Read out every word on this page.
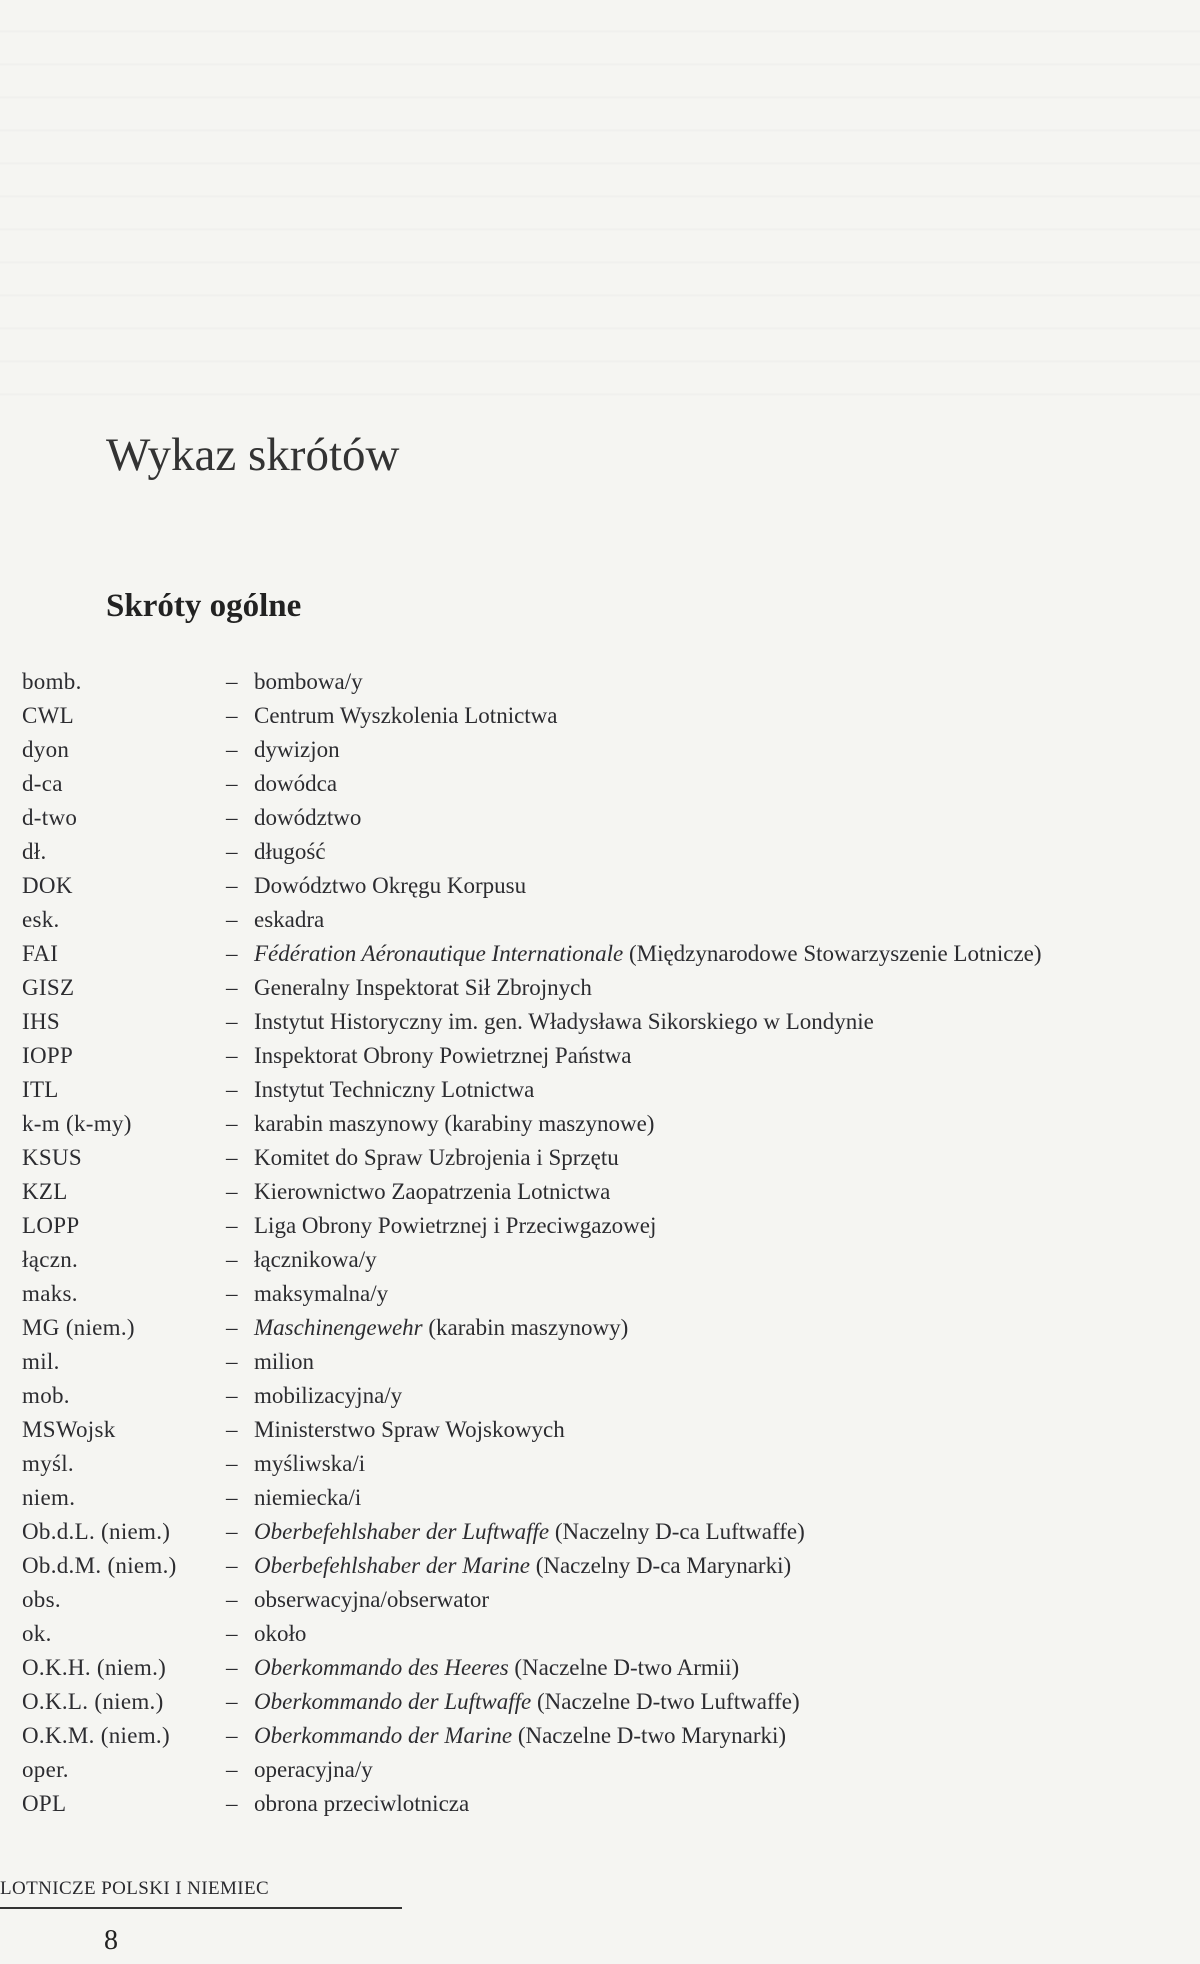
Wykaz skrótów
Skróty ogólne
bomb.	– bombowa/y
CWL	– Centrum Wyszkolenia Lotnictwa
dyon	– dywizjon
d-ca	– dowódca
d-two	– dowództwo
dł.	– długość
DOK	– Dowództwo Okręgu Korpusu
esk.	– eskadra
FAI	– Fédération Aéronautique Internationale (Międzynarodowe Stowarzyszenie Lotnicze)
GISZ	– Generalny Inspektorat Sił Zbrojnych
IHS	– Instytut Historyczny im. gen. Władysława Sikorskiego w Londynie
IOPP	– Inspektorat Obrony Powietrznej Państwa
ITL	– Instytut Techniczny Lotnictwa
k-m (k-my)	– karabin maszynowy (karabiny maszynowe)
KSUS	– Komitet do Spraw Uzbrojenia i Sprzętu
KZL	– Kierownictwo Zaopatrzenia Lotnictwa
LOPP	– Liga Obrony Powietrznej i Przeciwgazowej
łączn.	– łącznikowa/y
maks.	– maksymalna/y
MG (niem.)	– Maschinengewehr (karabin maszynowy)
mil.	– milion
mob.	– mobilizacyjna/y
MSWojsk	– Ministerstwo Spraw Wojskowych
myśl.	– myśliwska/i
niem.	– niemiecka/i
Ob.d.L. (niem.)	– Oberbefehlshaber der Luftwaffe (Naczelny D-ca Luftwaffe)
Ob.d.M. (niem.)	– Oberbefehlshaber der Marine (Naczelny D-ca Marynarki)
obs.	– obserwacyjna/obserwator
ok.	– około
O.K.H. (niem.)	– Oberkommando des Heeres (Naczelne D-two Armii)
O.K.L. (niem.)	– Oberkommando der Luftwaffe (Naczelne D-two Luftwaffe)
O.K.M. (niem.)	– Oberkommando der Marine (Naczelne D-two Marynarki)
oper.	– operacyjna/y
OPL	– obrona przeciwlotnicza
LOTNICZE POLSKI I NIEMIEC
8
